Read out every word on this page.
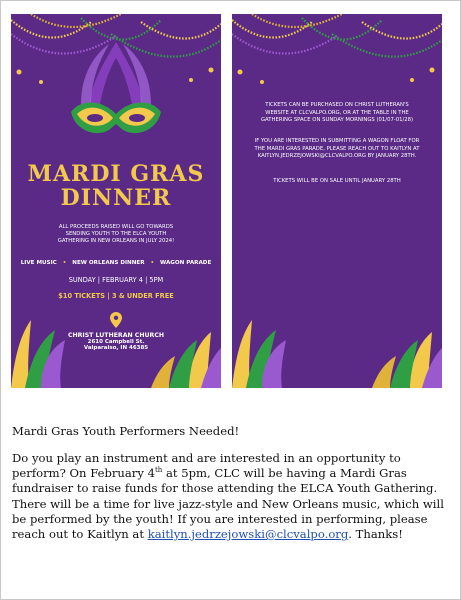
MARDI GRAS
DINNER
ALL PROCEEDS RAISED WILL GO TOWARDS
SENDING YOUTH TO THE ELCA YOUTH
GATHERING IN NEW ORLEANS IN JULY 2024!
LIVE MUSIC • NEW ORLEANS DINNER • WAGON PARADE
SUNDAY | FEBRUARY 4 | 5PM
$10 TICKETS | 3 & UNDER FREE
CHRIST LUTHERAN CHURCH
2610 Campbell St.
Valparaiso, IN 46385
TICKETS CAN BE PURCHASED ON CHRIST LUTHERAN'S
WEBSITE AT CLCVALPO.ORG, OR AT THE TABLE IN THE
GATHERING SPACE ON SUNDAY MORNINGS (01/07-01/28)
IF YOU ARE INTERESTED IN SUBMITTING A WAGON FLOAT FOR
THE MARDI GRAS PARADE, PLEASE REACH OUT TO KAITLYN AT
KAITLYN.JEDRZEJOWSKI@CLCVALPO.ORG BY JANUARY 28TH.
TICKETS WILL BE ON SALE UNTIL JANUARY 28TH
Mardi Gras Youth Performers Needed!
Do you play an instrument and are interested in an opportunity to perform? On February 4th at 5pm, CLC will be having a Mardi Gras fundraiser to raise funds for those attending the ELCA Youth Gathering. There will be a time for live jazz-style and New Orleans music, which will be performed by the youth! If you are interested in performing, please reach out to Kaitlyn at kaitlyn.jedrzejowski@clcvalpo.org. Thanks!
